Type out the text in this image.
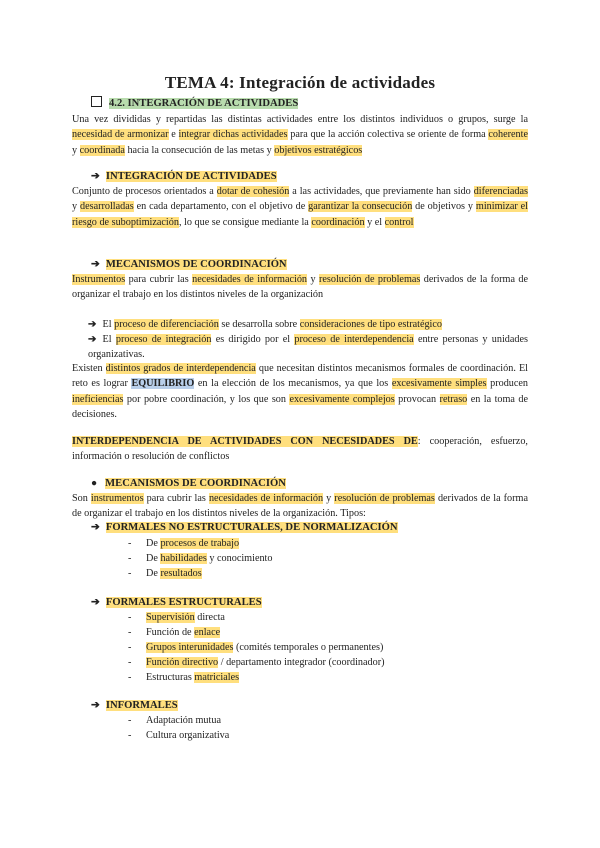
TEMA 4: Integración de actividades
4.2. INTEGRACIÓN DE ACTIVIDADES
Una vez divididas y repartidas las distintas actividades entre los distintos individuos o grupos, surge la necesidad de armonizar e integrar dichas actividades para que la acción colectiva se oriente de forma coherente y coordinada hacia la consecución de las metas y objetivos estratégicos
➔ INTEGRACIÓN DE ACTIVIDADES
Conjunto de procesos orientados a dotar de cohesión a las actividades, que previamente han sido diferenciadas y desarrolladas en cada departamento, con el objetivo de garantizar la consecución de objetivos y minimizar el riesgo de suboptimización, lo que se consigue mediante la coordinación y el control
➔ MECANISMOS DE COORDINACIÓN
Instrumentos para cubrir las necesidades de información y resolución de problemas derivados de la forma de organizar el trabajo en los distintos niveles de la organización
➔ El proceso de diferenciación se desarrolla sobre consideraciones de tipo estratégico
➔ El proceso de integración es dirigido por el proceso de interdependencia entre personas y unidades organizativas.
Existen distintos grados de interdependencia que necesitan distintos mecanismos formales de coordinación. El reto es lograr EQUILIBRIO en la elección de los mecanismos, ya que los excesivamente simples producen ineficiencias por pobre coordinación, y los que son excesivamente complejos provocan retraso en la toma de decisiones.
INTERDEPENDENCIA DE ACTIVIDADES CON NECESIDADES DE: cooperación, esfuerzo, información o resolución de conflictos
● MECANISMOS DE COORDINACIÓN
Son instrumentos para cubrir las necesidades de información y resolución de problemas derivados de la forma de organizar el trabajo en los distintos niveles de la organización. Tipos:
➔ FORMALES NO ESTRUCTURALES, DE NORMALIZACIÓN
- De procesos de trabajo
- De habilidades y conocimiento
- De resultados
➔ FORMALES ESTRUCTURALES
- Supervisión directa
- Función de enlace
- Grupos interunidades (comités temporales o permanentes)
- Función directivo / departamento integrador (coordinador)
- Estructuras matriciales
➔ INFORMALES
- Adaptación mutua
- Cultura organizativa
